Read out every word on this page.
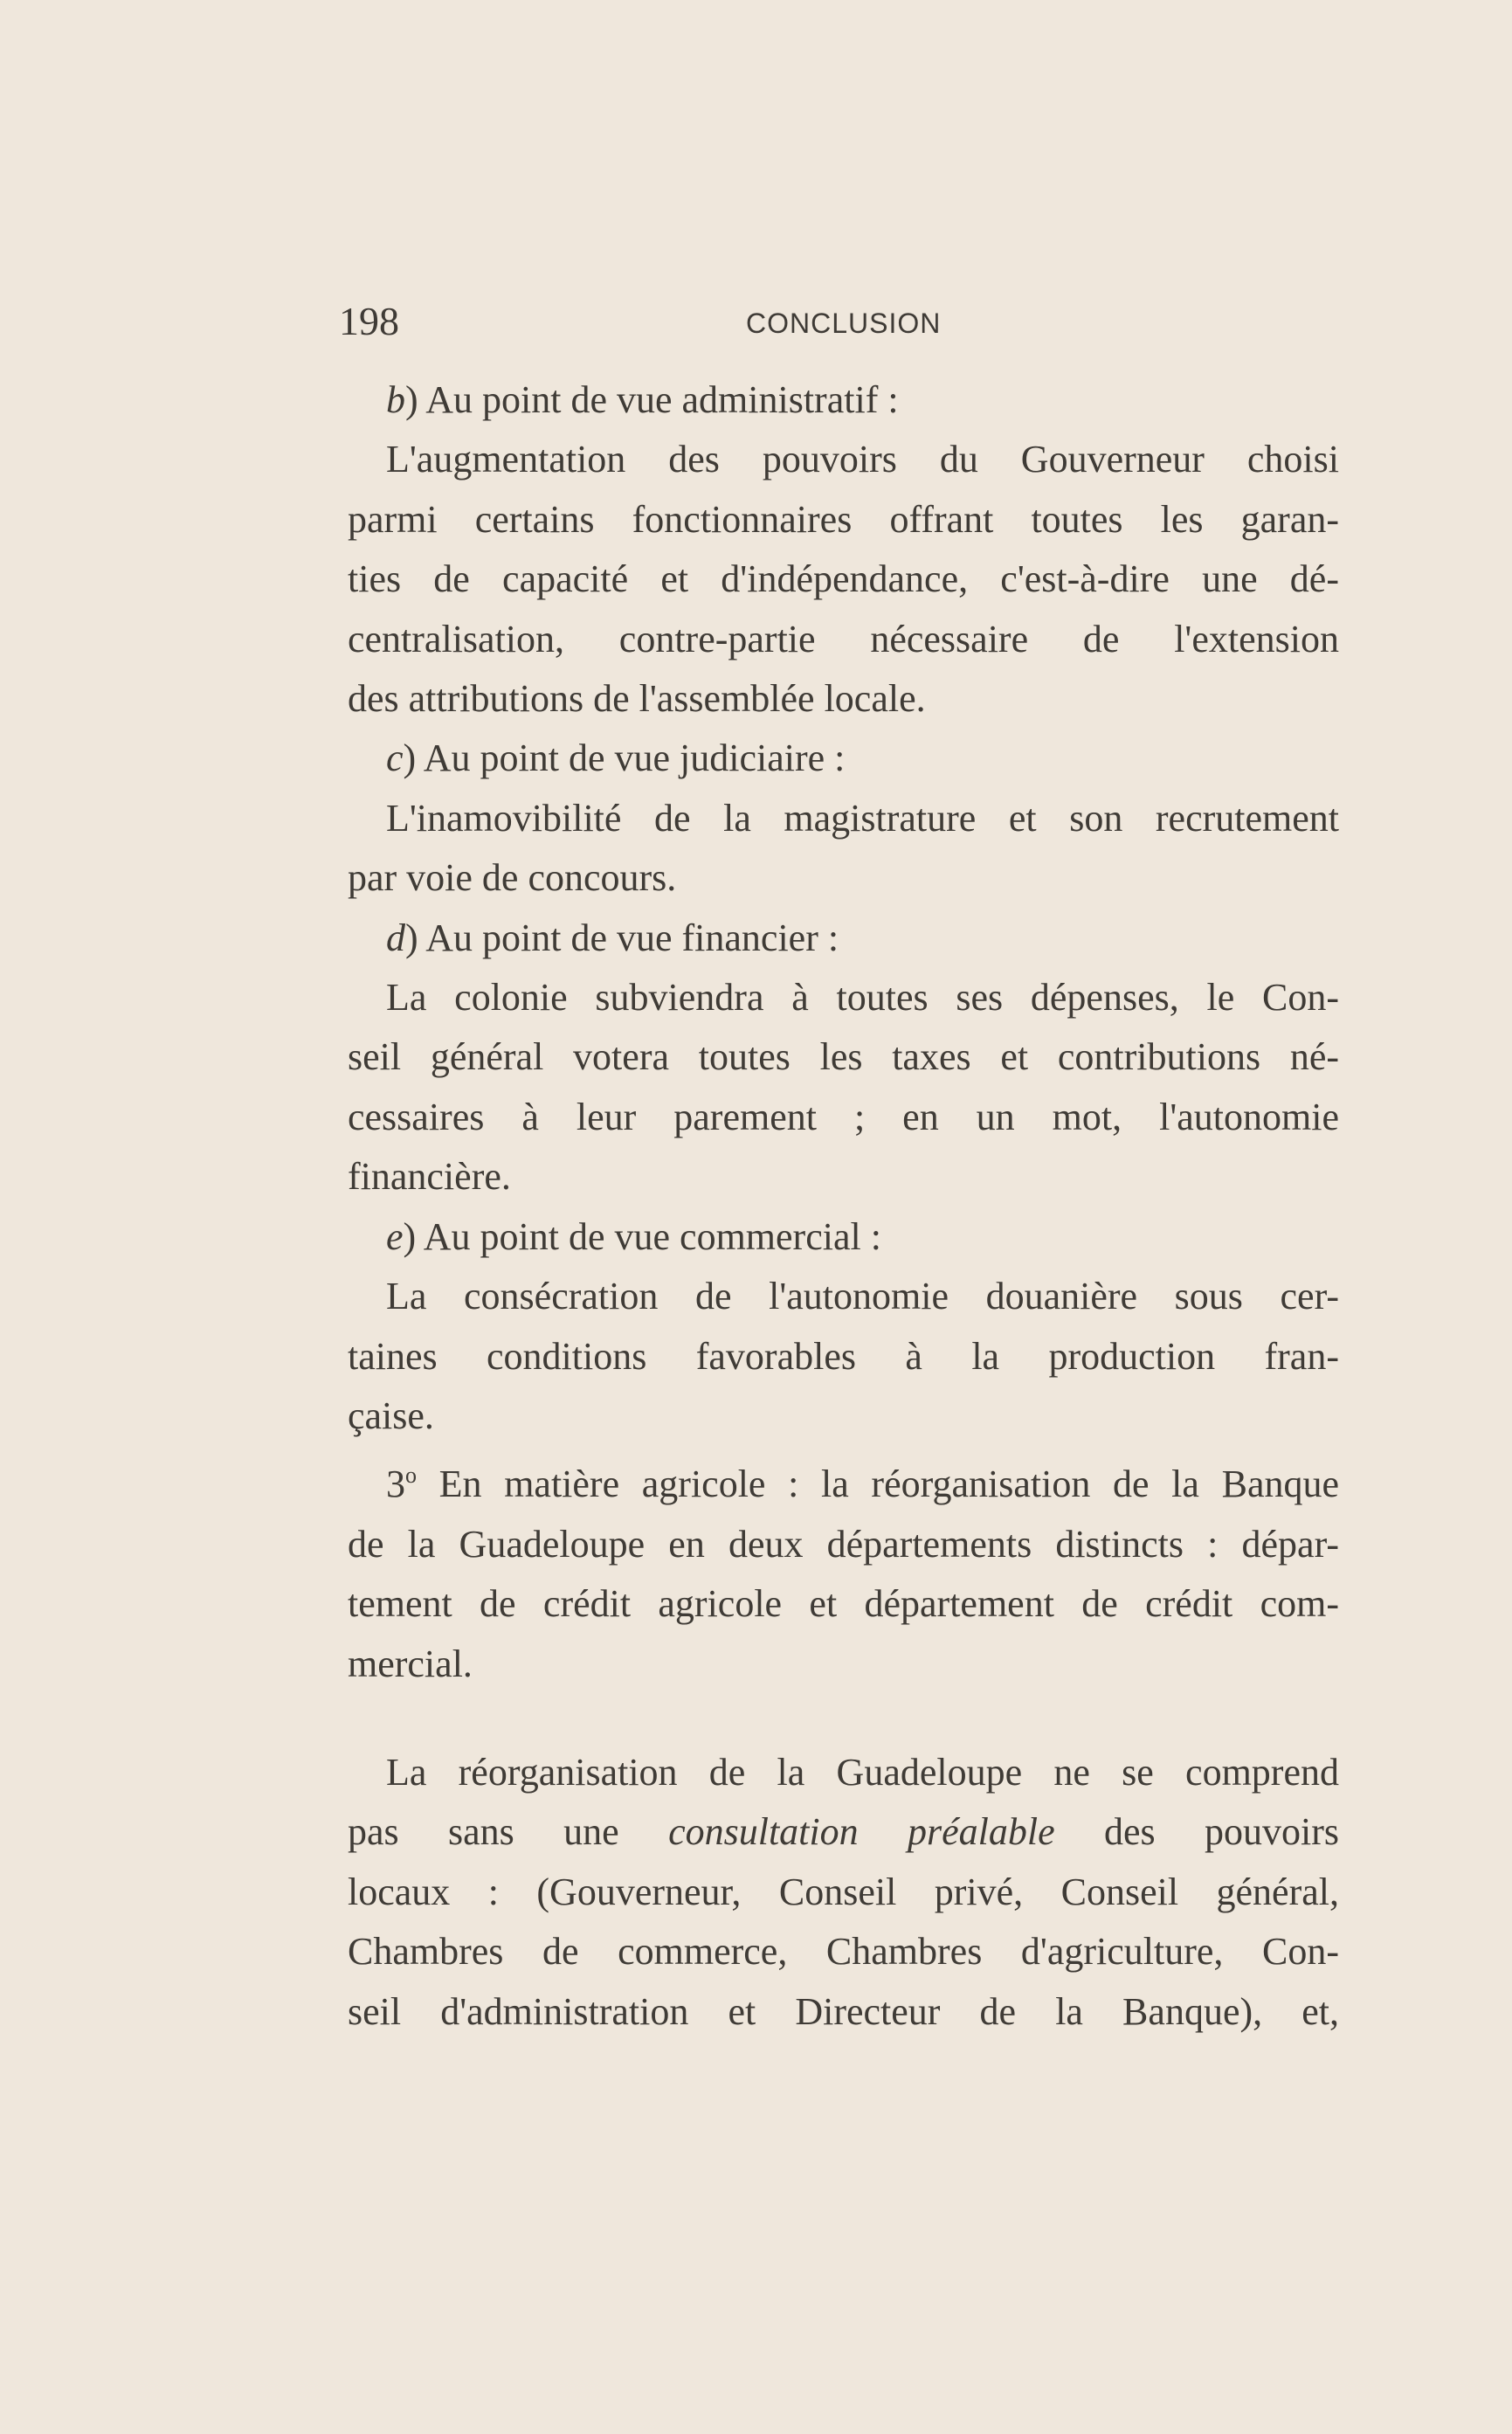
198	CONCLUSION

b) Au point de vue administratif :

L'augmentation des pouvoirs du Gouverneur choisi

parmi certains fonctionnaires offrant toutes les garan-

ties de capacité et d'indépendance, c'est-à-dire une dé-

centralisation, contre-partie nécessaire de l'extension

des attributions de l'assemblée locale.

c) Au point de vue judiciaire :

L'inamovibilité de la magistrature et son recrutement

par voie de concours.

d) Au point de vue financier :

La colonie subviendra à toutes ses dépenses, le Con-

seil général votera toutes les taxes et contributions né-

cessaires à leur parement ; en un mot, l'autonomie

financière.

e) Au point de vue commercial :

La consécration de l'autonomie douanière sous cer-

taines conditions favorables à la production fran-

çaise.

3$^o$ En matière agricole : la réorganisation de la Banque

de la Guadeloupe en deux départements distincts : dépar-

tement de crédit agricole et département de crédit com-

mercial.

La réorganisation de la Guadeloupe ne se comprend

pas sans une consultation préalable des pouvoirs

locaux : (Gouverneur, Conseil privé, Conseil général,

Chambres de commerce, Chambres d'agriculture, Con-

seil d'administration et Directeur de la Banque), et,
